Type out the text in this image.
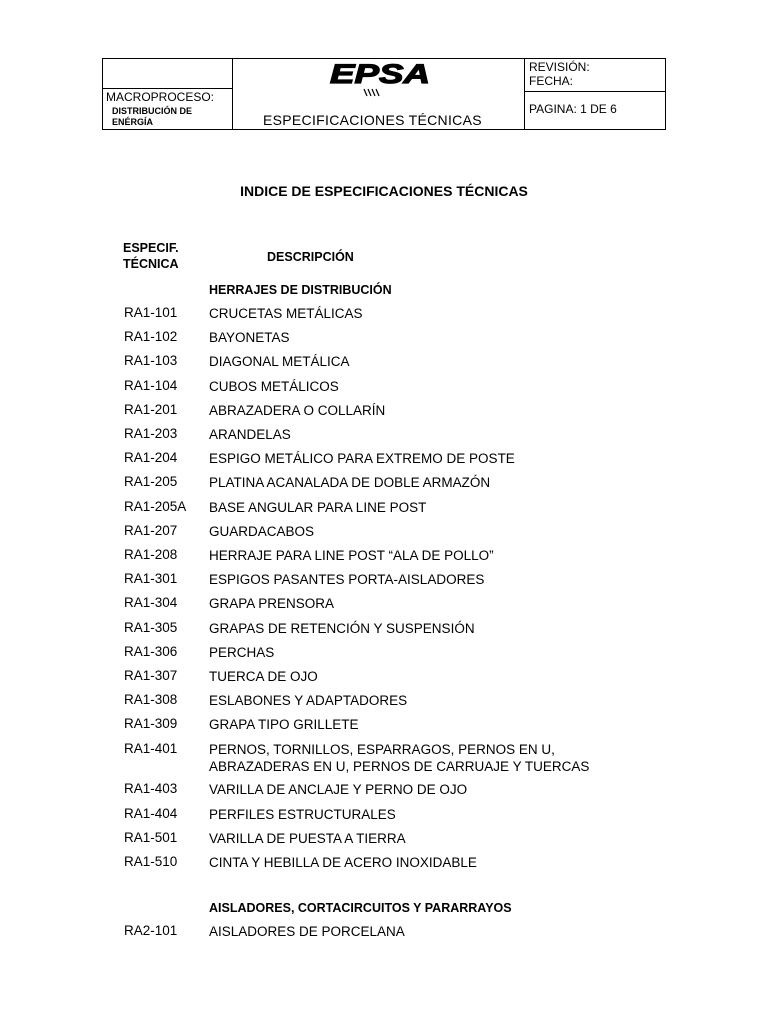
MACROPROCESO:
DISTRIBUCIÓN DE ENÉRGÍA
EPSA
ESPECIFICACIONES TÉCNICAS
REVISIÓN:
FECHA:
PAGINA: 1 DE 6
INDICE DE ESPECIFICACIONES TÉCNICAS
ESPECIF. TÉCNICA	DESCRIPCIÓN
HERRAJES DE DISTRIBUCIÓN
RA1-101 CRUCETAS METÁLICAS
RA1-102 BAYONETAS
RA1-103 DIAGONAL METÁLICA
RA1-104 CUBOS METÁLICOS
RA1-201 ABRAZADERA O COLLARÍN
RA1-203 ARANDELAS
RA1-204 ESPIGO METÁLICO PARA EXTREMO DE POSTE
RA1-205 PLATINA ACANALADA DE DOBLE ARMAZÓN
RA1-205A BASE ANGULAR PARA LINE POST
RA1-207 GUARDACABOS
RA1-208 HERRAJE PARA LINE POST “ALA DE POLLO”
RA1-301 ESPIGOS PASANTES PORTA-AISLADORES
RA1-304 GRAPA PRENSORA
RA1-305 GRAPAS DE RETENCIÓN Y SUSPENSIÓN
RA1-306 PERCHAS
RA1-307 TUERCA DE OJO
RA1-308 ESLABONES Y ADAPTADORES
RA1-309 GRAPA TIPO GRILLETE
RA1-401 PERNOS, TORNILLOS, ESPARRAGOS, PERNOS EN U, ABRAZADERAS EN U, PERNOS DE CARRUAJE Y TUERCAS
RA1-403 VARILLA DE ANCLAJE Y PERNO DE OJO
RA1-404 PERFILES ESTRUCTURALES
RA1-501 VARILLA DE PUESTA A TIERRA
RA1-510 CINTA Y HEBILLA DE ACERO INOXIDABLE
AISLADORES, CORTACIRCUITOS Y PARARRAYOS
RA2-101 AISLADORES DE PORCELANA
